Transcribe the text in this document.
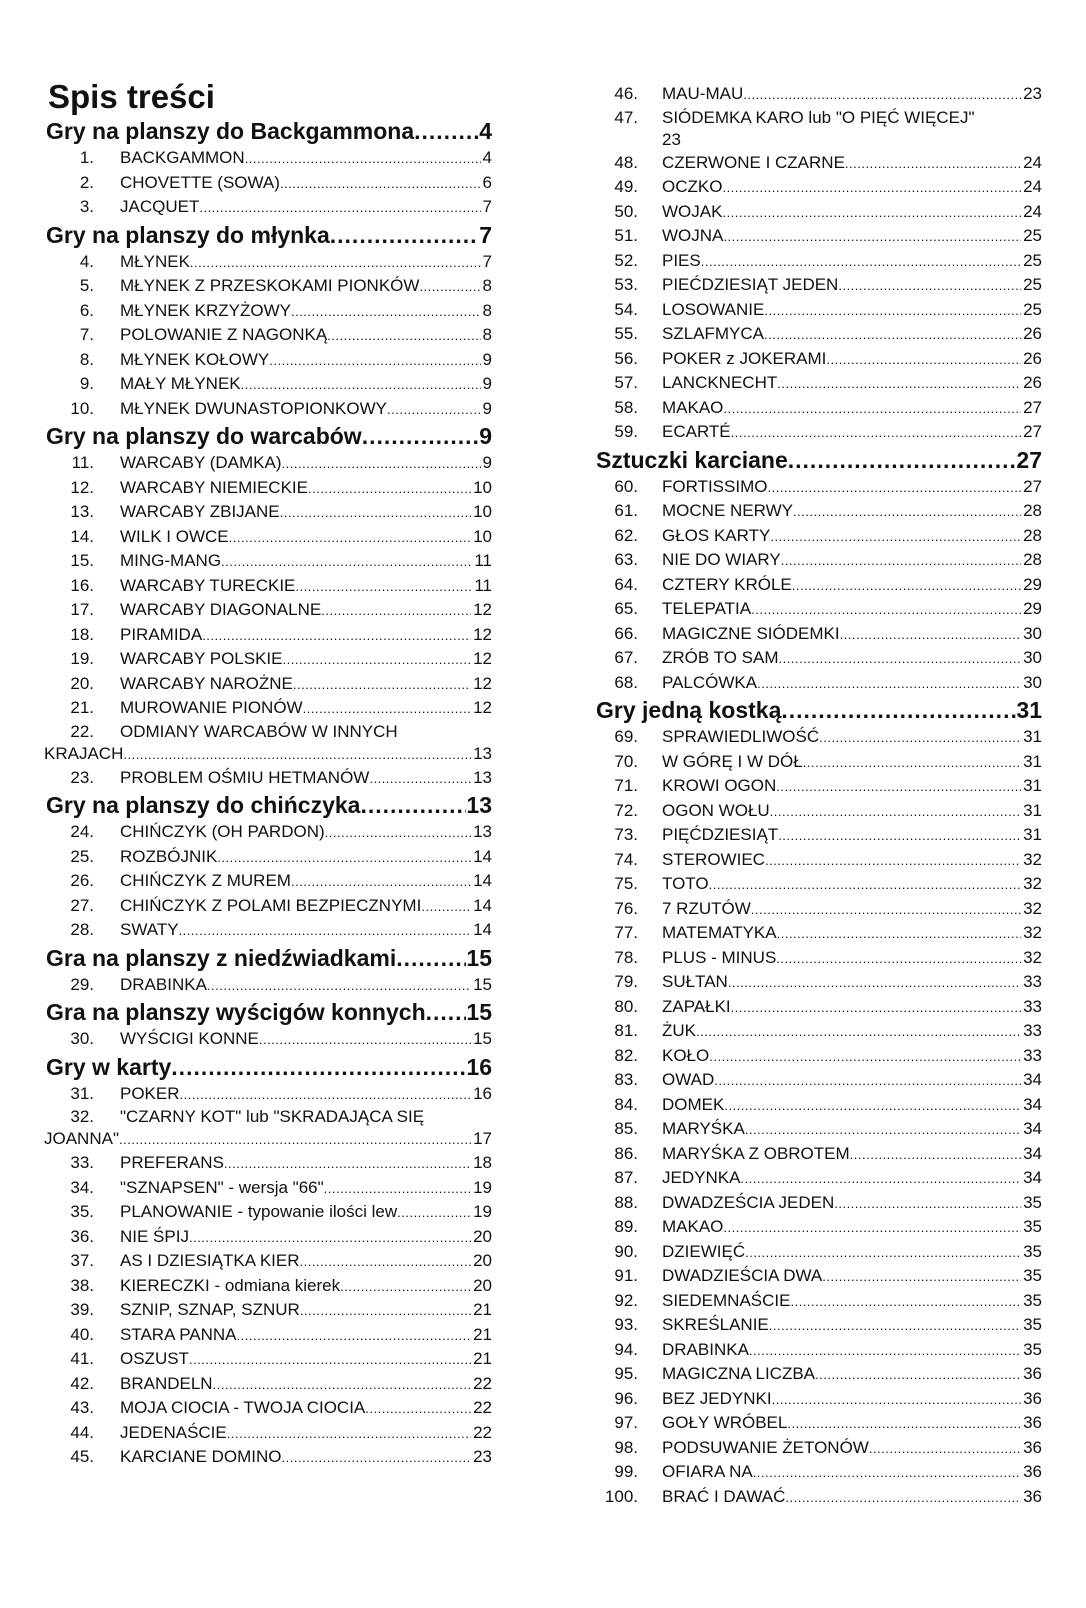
Spis treści
Gry na planszy do Backgammona .....	4
1.	BACKGAMMON .....	4
2.	CHOVETTE (SOWA) .....	6
3.	JACQUET .....	7
Gry na planszy do młynka .....	7
4.	MŁYNEK .....	7
5.	MŁYNEK Z PRZESKOKAMI PIONKÓW .....	8
6.	MŁYNEK KRZYŻOWY .....	8
7.	POLOWANIE Z NAGONKĄ .....	8
8.	MŁYNEK KOŁOWY .....	9
9.	MAŁY MŁYNEK .....	9
10.	MŁYNEK DWUNASTOPIONKOWY .....	9
Gry na planszy do warcabów .....	9
11.	WARCABY (DAMKA) .....	9
12.	WARCABY NIEMIECKIE .....	10
13.	WARCABY ZBIJANE .....	10
14.	WILK I OWCE .....	10
15.	MING-MANG .....	11
16.	WARCABY TURECKIE .....	11
17.	WARCABY DIAGONALNE .....	12
18.	PIRAMIDA .....	12
19.	WARCABY POLSKIE .....	12
20.	WARCABY NAROŻNE .....	12
21.	MUROWANIE PIONÓW .....	12
22.	ODMIANY WARCABÓW W INNYCH
KRAJACH .....	13
23.	PROBLEM OŚMIU HETMANÓW .....	13
Gry na planszy do chińczyka .....	13
24.	CHIŃCZYK (OH PARDON) .....	13
25.	ROZBÓJNIK .....	14
26.	CHIŃCZYK Z MUREM .....	14
27.	CHIŃCZYK Z POLAMI BEZPIECZNYMI .....	14
28.	SWATY .....	14
Gra na planszy z niedźwiadkami .....	15
29.	DRABINKA .....	15
Gra na planszy wyścigów konnych ..... 15
30.	WYŚCIGI KONNE .....	15
Gry w karty .....	16
31.	POKER .....	16
32.	"CZARNY KOT" lub "SKRADAJĄCA SIĘ
JOANNA" .....	17
33.	PREFERANS .....	18
34.	"SZNAPSEN" - wersja "66" .....	19
35.	PLANOWANIE - typowanie ilości lew .....	19
36.	NIE ŚPIJ .....	20
37.	AS I DZIESIĄTKA KIER .....	20
38.	KIERECZKI - odmiana kierek .....	20
39.	SZNIP, SZNAP, SZNUR .....	21
40.	STARA PANNA .....	21
41.	OSZUST .....	21
42.	BRANDELN .....	22
43.	MOJA CIOCIA - TWOJA CIOCIA .....	22
44.	JEDENAŚCIE .....	22
45.	KARCIANE DOMINO .....	23
46.	MAU-MAU .....	23
47.	SIÓDEMKA KARO lub "O PIĘĆ WIĘCEJ"
23
48.	CZERWONE I CZARNE .....	24
49.	OCZKO .....	24
50.	WOJAK .....	24
51.	WOJNA .....	25
52.	PIES .....	25
53.	PIEĆDZIESIĄT JEDEN .....	25
54.	LOSOWANIE .....	25
55.	SZLAFMYCA .....	26
56.	POKER z JOKERAMI .....	26
57.	LANCKNECHT .....	26
58.	MAKAO .....	27
59.	ECARTÉ .....	27
Sztuczki karciane .....	27
60.	FORTISSIMO .....	27
61.	MOCNE NERWY .....	28
62.	GŁOS KARTY .....	28
63.	NIE DO WIARY .....	28
64.	CZTERY KRÓLE .....	29
65.	TELEPATIA .....	29
66.	MAGICZNE SIÓDEMKI .....	30
67.	ZRÓB TO SAM .....	30
68.	PALCÓWKA .....	30
Gry jedną kostką .....	31
69.	SPRAWIEDLIWOŚĆ .....	31
70.	W GÓRĘ I W DÓŁ .....	31
71.	KROWI OGON .....	31
72.	OGON WOŁU .....	31
73.	PIĘĆDZIESIĄT .....	31
74.	STEROWIEC .....	32
75.	TOTO .....	32
76.	7 RZUTÓW .....	32
77.	MATEMATYKA .....	32
78.	PLUS - MINUS .....	32
79.	SUŁTAN .....	33
80.	ZAPAŁKI .....	33
81.	ŻUK .....	33
82.	KOŁO .....	33
83.	OWAD .....	34
84.	DOMEK .....	34
85.	MARYŚKA .....	34
86.	MARYŚKA Z OBROTEM .....	34
87.	JEDYNKA .....	34
88.	DWADZEŚCIA JEDEN .....	35
89.	MAKAO .....	35
90.	DZIEWIĘĆ .....	35
91.	DWADZIEŚCIA DWA .....	35
92.	SIEDEMNAŚCIE .....	35
93.	SKREŚLANIE .....	35
94.	DRABINKA .....	35
95.	MAGICZNA LICZBA .....	36
96.	BEZ JEDYNKI .....	36
97.	GOŁY WRÓBEL .....	36
98.	PODSUWANIE ŻETONÓW .....	36
99.	OFIARA NA .....	36
100.	BRAĆ I DAWAĆ .....	36
